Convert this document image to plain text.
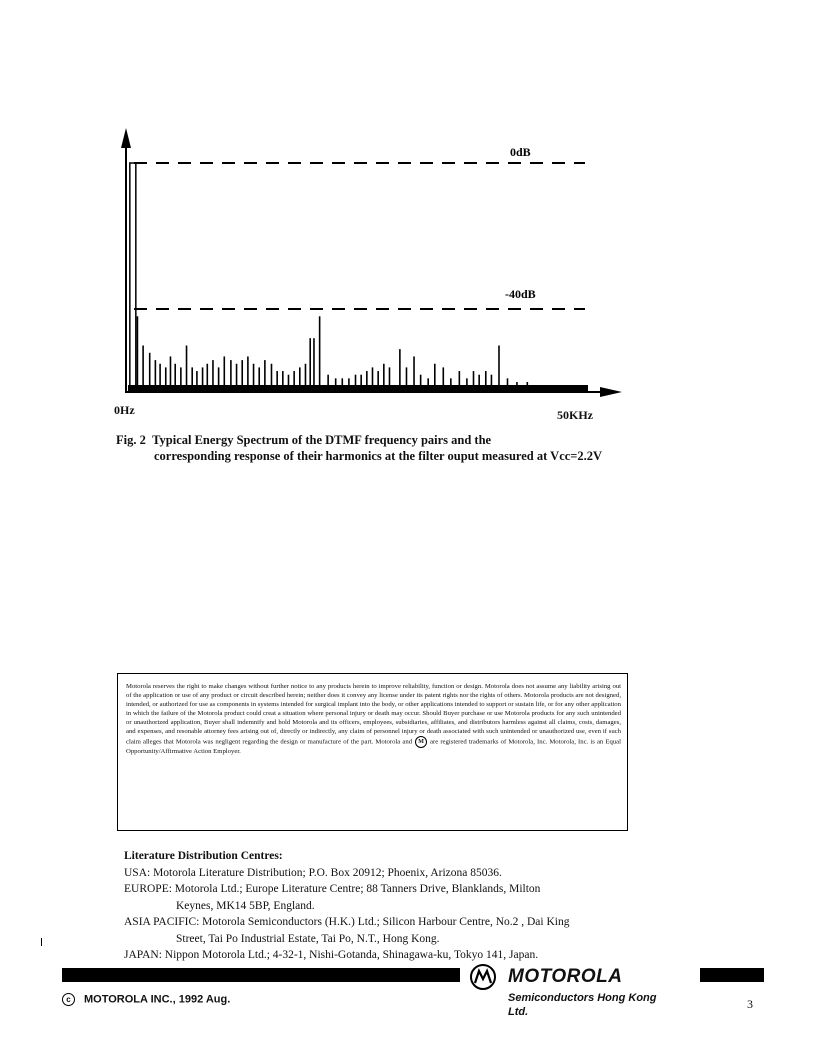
0dB
-40dB
0Hz	50KHz
Fig. 2 Typical Energy Spectrum of the DTMF frequency pairs and the
corresponding response of their harmonics at the filter ouput measured at Vcc=2.2V
Motorola reserves the right to make changes without further notice to any products herein to improve reliability, function or design. Motorola does not assume any liability arising out of the application or use of any product or circuit described herein; neither does it convey any license under its patent rights nor the rights of others. Motorola products are not designed, intended, or authorized for use as components in systems intended for surgical implant into the body, or other applications intended to support or sustain life, or for any other application in which the failure of the Motorola product could creat a situation where personal injury or death may occur. Should Buyer purchase or use Motorola products for any such unintended or unauthorized application, Buyer shall indemnify and hold Motorola and its officers, employees, subsidiaries, affiliates, and distributors harmless against all claims, costs, damages, and expenses, and resonable attorney fees arising out of, directly or indirectly, any claim of personnel injury or death associated with such unintended or unauthorized use, even if such claim alleges that Motorola was negligent regarding the design or manufacture of the part. Motorola and M are registered trademarks of Motorola, Inc. Motorola, Inc. is an Equal Opportunity/Affirmative Action Employer.
Literature Distribution Centres:
USA: Motorola Literature Distribution; P.O. Box 20912; Phoenix, Arizona 85036.
EUROPE: Motorola Ltd.; Europe Literature Centre; 88 Tanners Drive, Blanklands, Milton
Keynes, MK14 5BP, England.
ASIA PACIFIC: Motorola Semiconductors (H.K.) Ltd.; Silicon Harbour Centre, No.2 , Dai King
Street, Tai Po Industrial Estate, Tai Po, N.T., Hong Kong.
JAPAN: Nippon Motorola Ltd.; 4-32-1, Nishi-Gotanda, Shinagawa-ku, Tokyo 141, Japan.
MOTOROLA
Semiconductors Hong Kong
Ltd.
c MOTOROLA INC., 1992 Aug.	3
